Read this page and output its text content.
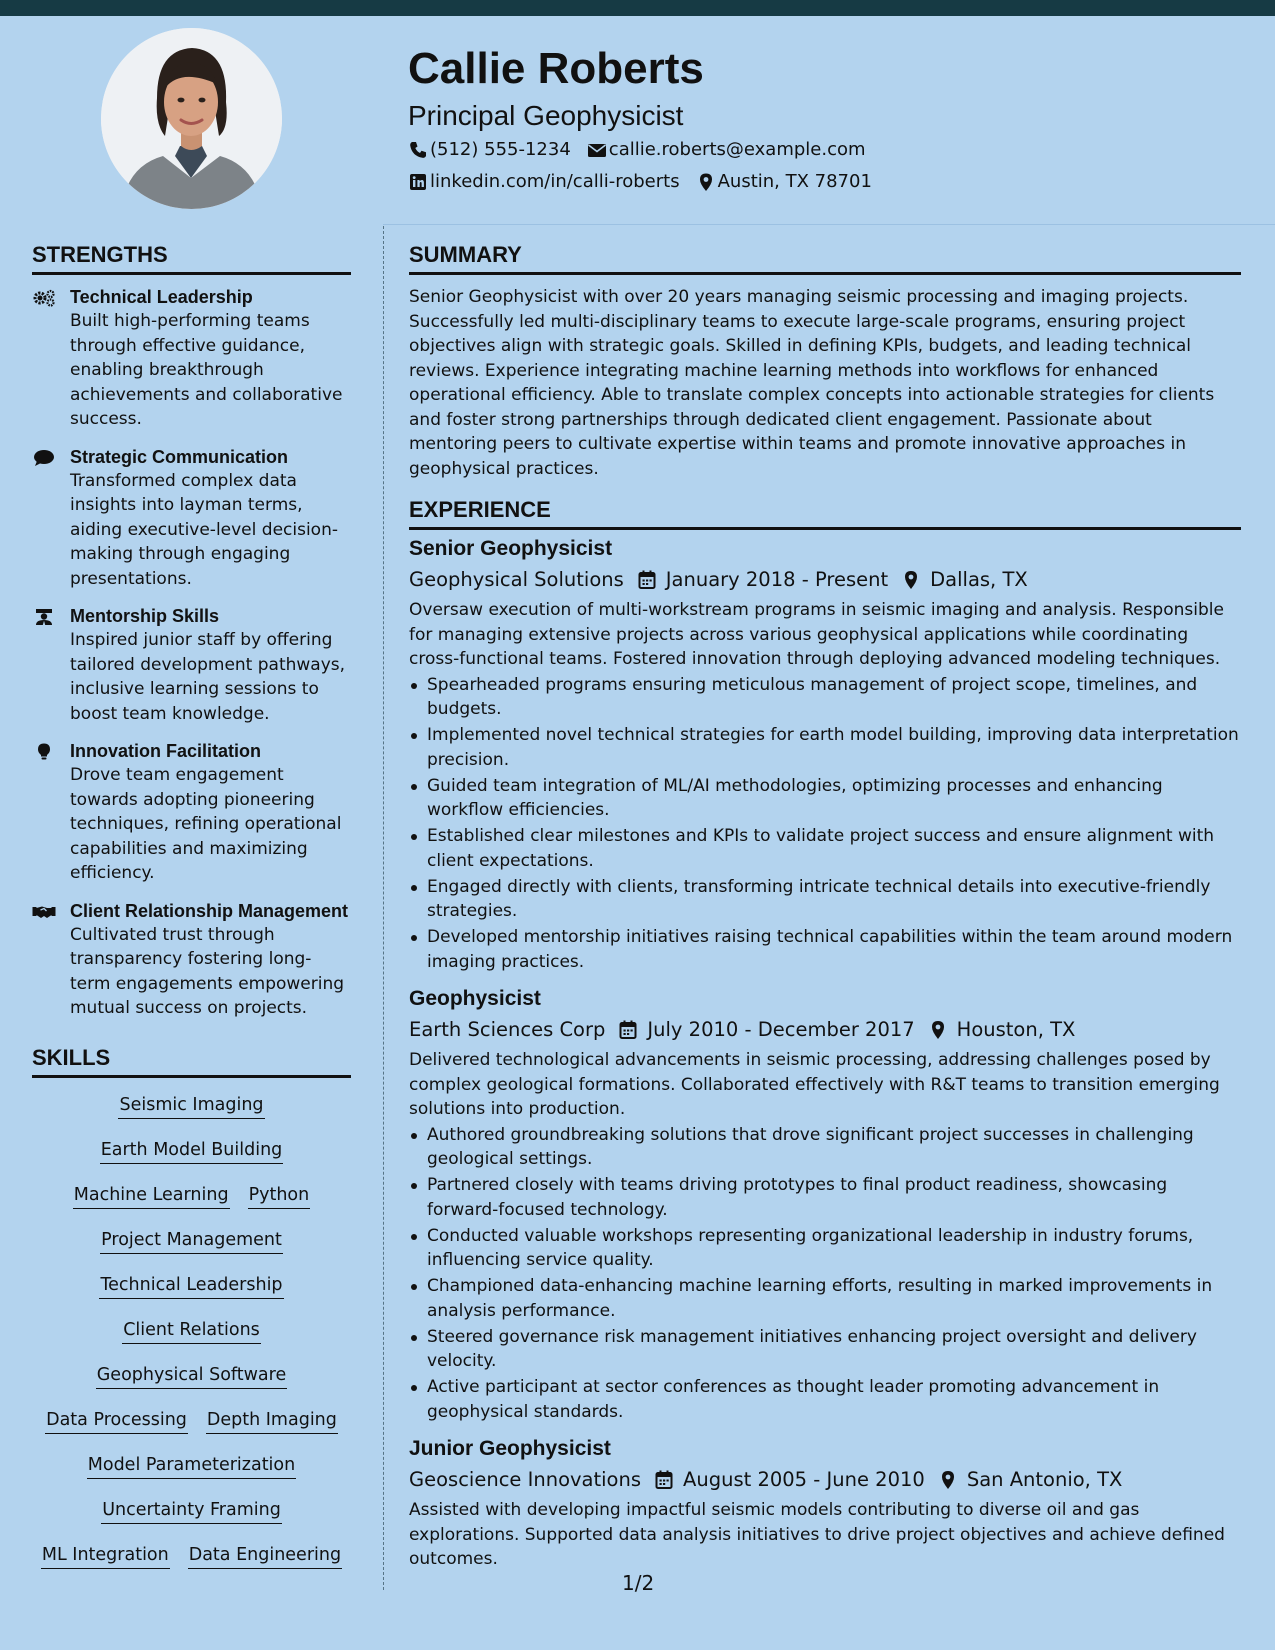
Callie Roberts
Principal Geophysicist
(512) 555-1234 callie.roberts@example.com
linkedin.com/in/calli-roberts Austin, TX 78701
STRENGTHS
Technical Leadership
Built high-performing teams through effective guidance, enabling breakthrough achievements and collaborative success.
Strategic Communication
Transformed complex data insights into layman terms, aiding executive-level decision-making through engaging presentations.
Mentorship Skills
Inspired junior staff by offering tailored development pathways, inclusive learning sessions to boost team knowledge.
Innovation Facilitation
Drove team engagement towards adopting pioneering techniques, refining operational capabilities and maximizing efficiency.
Client Relationship Management
Cultivated trust through transparency fostering long-term engagements empowering mutual success on projects.
SKILLS
Seismic Imaging
Earth Model Building
Machine Learning Python
Project Management
Technical Leadership
Client Relations
Geophysical Software
Data Processing Depth Imaging
Model Parameterization
Uncertainty Framing
ML Integration Data Engineering
SUMMARY
Senior Geophysicist with over 20 years managing seismic processing and imaging projects. Successfully led multi-disciplinary teams to execute large-scale programs, ensuring project objectives align with strategic goals. Skilled in defining KPIs, budgets, and leading technical reviews. Experience integrating machine learning methods into workflows for enhanced operational efficiency. Able to translate complex concepts into actionable strategies for clients and foster strong partnerships through dedicated client engagement. Passionate about mentoring peers to cultivate expertise within teams and promote innovative approaches in geophysical practices.
EXPERIENCE
Senior Geophysicist
Geophysical Solutions January 2018 - Present Dallas, TX
Oversaw execution of multi-workstream programs in seismic imaging and analysis. Responsible for managing extensive projects across various geophysical applications while coordinating cross-functional teams. Fostered innovation through deploying advanced modeling techniques.
Spearheaded programs ensuring meticulous management of project scope, timelines, and budgets.
Implemented novel technical strategies for earth model building, improving data interpretation precision.
Guided team integration of ML/AI methodologies, optimizing processes and enhancing workflow efficiencies.
Established clear milestones and KPIs to validate project success and ensure alignment with client expectations.
Engaged directly with clients, transforming intricate technical details into executive-friendly strategies.
Developed mentorship initiatives raising technical capabilities within the team around modern imaging practices.
Geophysicist
Earth Sciences Corp July 2010 - December 2017 Houston, TX
Delivered technological advancements in seismic processing, addressing challenges posed by complex geological formations. Collaborated effectively with R&T teams to transition emerging solutions into production.
Authored groundbreaking solutions that drove significant project successes in challenging geological settings.
Partnered closely with teams driving prototypes to final product readiness, showcasing forward-focused technology.
Conducted valuable workshops representing organizational leadership in industry forums, influencing service quality.
Championed data-enhancing machine learning efforts, resulting in marked improvements in analysis performance.
Steered governance risk management initiatives enhancing project oversight and delivery velocity.
Active participant at sector conferences as thought leader promoting advancement in geophysical standards.
Junior Geophysicist
Geoscience Innovations August 2005 - June 2010 San Antonio, TX
Assisted with developing impactful seismic models contributing to diverse oil and gas explorations. Supported data analysis initiatives to drive project objectives and achieve defined outcomes.
1/2
